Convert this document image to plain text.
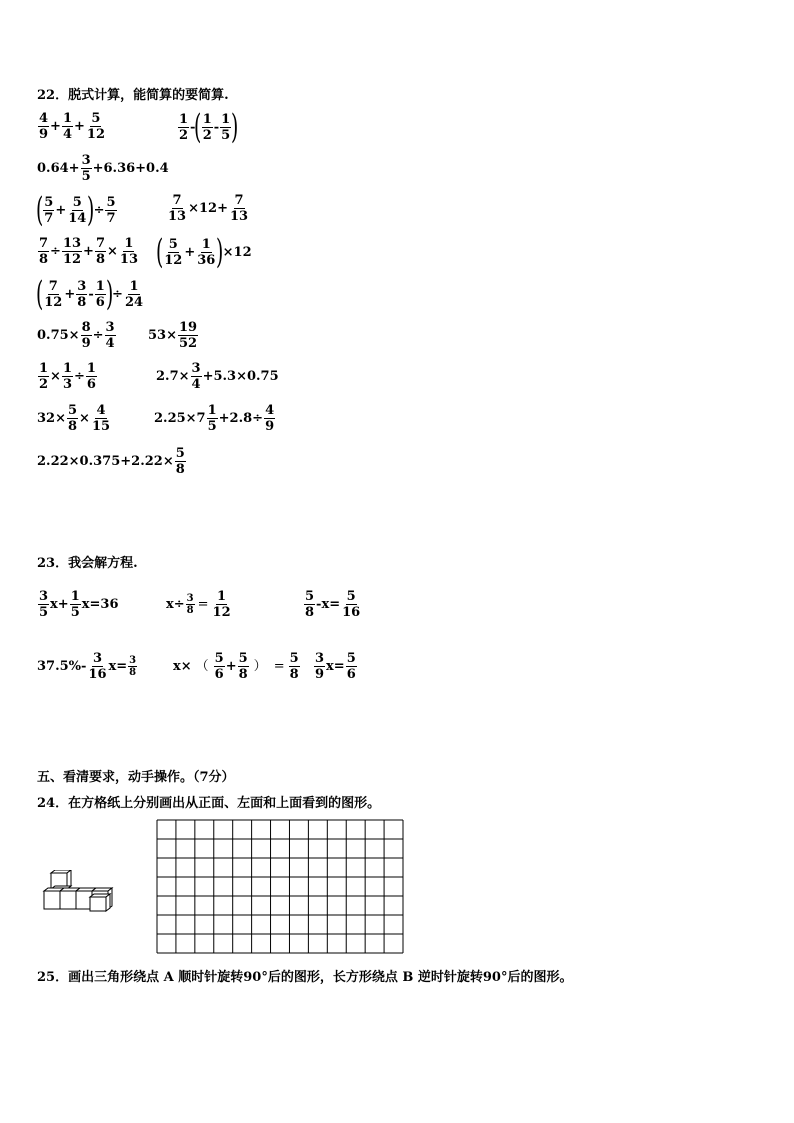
22．脱式计算，能简算的要简算.
4
9
+ $\frac{1}{4} + \frac{5}{12}$	1
2
-
( 1
2
-
1
5 )
$0.64+ \frac{3}{5} +6.36+0.4$
( 5
7
+ $\frac{5}{14}$ )
÷ $\frac{5}{7}$	$\frac{7}{13} \times 12+ \frac{7}{13}$
$\frac{7}{8} \div \frac{13}{12} + \frac{7}{8} \times \frac{1}{13}$ ( 5
12
+ $\frac{1}{36}$ )
×12
( 7
12
+ $\frac{3}{8}$ -
1
6 )
÷ $\frac{1}{24}$
$0.75\times \frac{8}{9} \div \frac{3}{4} 53\times \frac{19}{52}$
$\frac{1}{2} \times \frac{1}{3} \div \frac{1}{6}$	$2.7\times \frac{3}{4} +5.3\times 0.75$
$32\times \frac{5}{8} \times \frac{4}{15}$	2.25×7
1
5
$+2.8\div \frac{4}{9}$
$2.22\times 0.375+2.22\times \frac{5}{8}$
23．我会解方程.
3
5
$x+ \frac{1}{5} x=36$	$x\div \frac{3}{8} = \frac{1}{12}$	5
8
$-x= \frac{5}{16}$
37.5%-
3
16
$x= \frac{3}{8}$	x× （
5
6
+ $\frac{5}{8}$ ） = $\frac{5}{8} 3$
9
$x= \frac{5}{6}$
五、看清要求，动手操作。（7分）
24．在方格纸上分别画出从正面、左面和上面看到的图形。
25．画出三角形绕点 A 顺时针旋转90°后的图形，长方形绕点 B 逆时针旋转90°后的图形。
